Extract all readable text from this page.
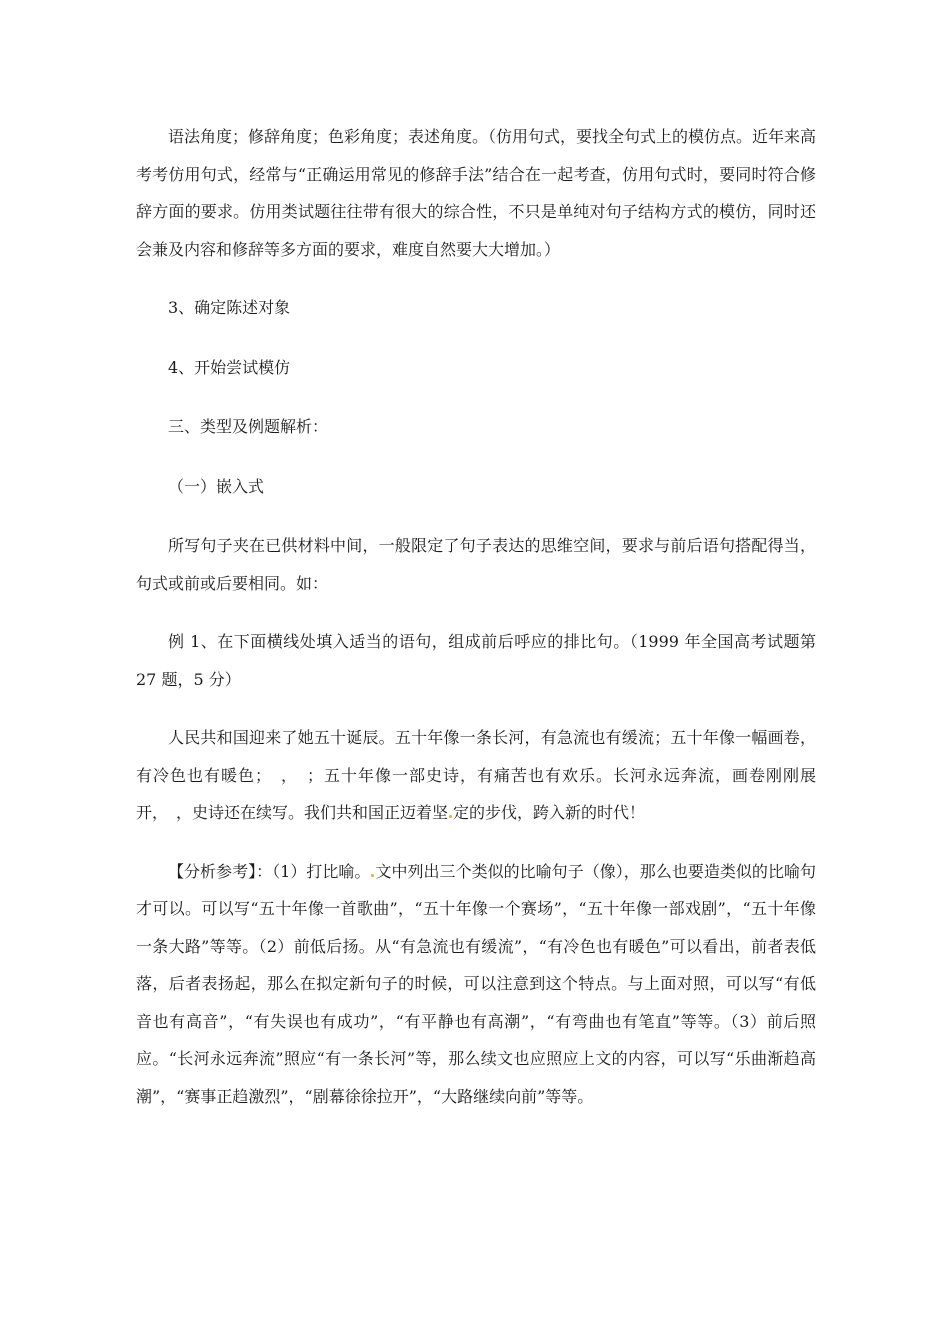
语法角度；修辞角度；色彩角度；表述角度。（仿用句式，要找全句式上的模仿点。近年来高考考仿用句式，经常与“正确运用常见的修辞手法”结合在一起考查，仿用句式时，要同时符合修辞方面的要求。仿用类试题往往带有很大的综合性，不只是单纯对句子结构方式的模仿，同时还会兼及内容和修辞等多方面的要求，难度自然要大大增加。）

3、确定陈述对象

4、开始尝试模仿

三、类型及例题解析：

（一）嵌入式

所写句子夹在已供材料中间，一般限定了句子表达的思维空间，要求与前后语句搭配得当，句式或前或后要相同。如：

例 1、在下面横线处填入适当的语句，组成前后呼应的排比句。（1999 年全国高考试题第 27 题，5 分）

人民共和国迎来了她五十诞辰。五十年像一条长河，有急流也有缓流；五十年像一幅画卷，有冷色也有暖色；　，　；五十年像一部史诗，有痛苦也有欢乐。长河永远奔流，画卷刚刚展开，　，史诗还在续写。我们共和国正迈着坚 定的步伐，跨入新的时代！

【分析参考】：（1）打比喻。 文中列出三个类似的比喻句子（像），那么也要造类似的比喻句才可以。可以写“五十年像一首歌曲”，“五十年像一个赛场”，“五十年像一部戏剧”，“五十年像一条大路”等等。（2）前低后扬。从“有急流也有缓流”，“有冷色也有暖色”可以看出，前者表低落，后者表扬起，那么在拟定新句子的时候，可以注意到这个特点。与上面对照，可以写“有低音也有高音”，“有失误也有成功”，“有平静也有高潮”，“有弯曲也有笔直”等等。（3）前后照应。“长河永远奔流”照应“有一条长河”等，那么续文也应照应上文的内容，可以写“乐曲渐趋高潮”，“赛事正趋激烈”，“剧幕徐徐拉开”，“大路继续向前”等等。
